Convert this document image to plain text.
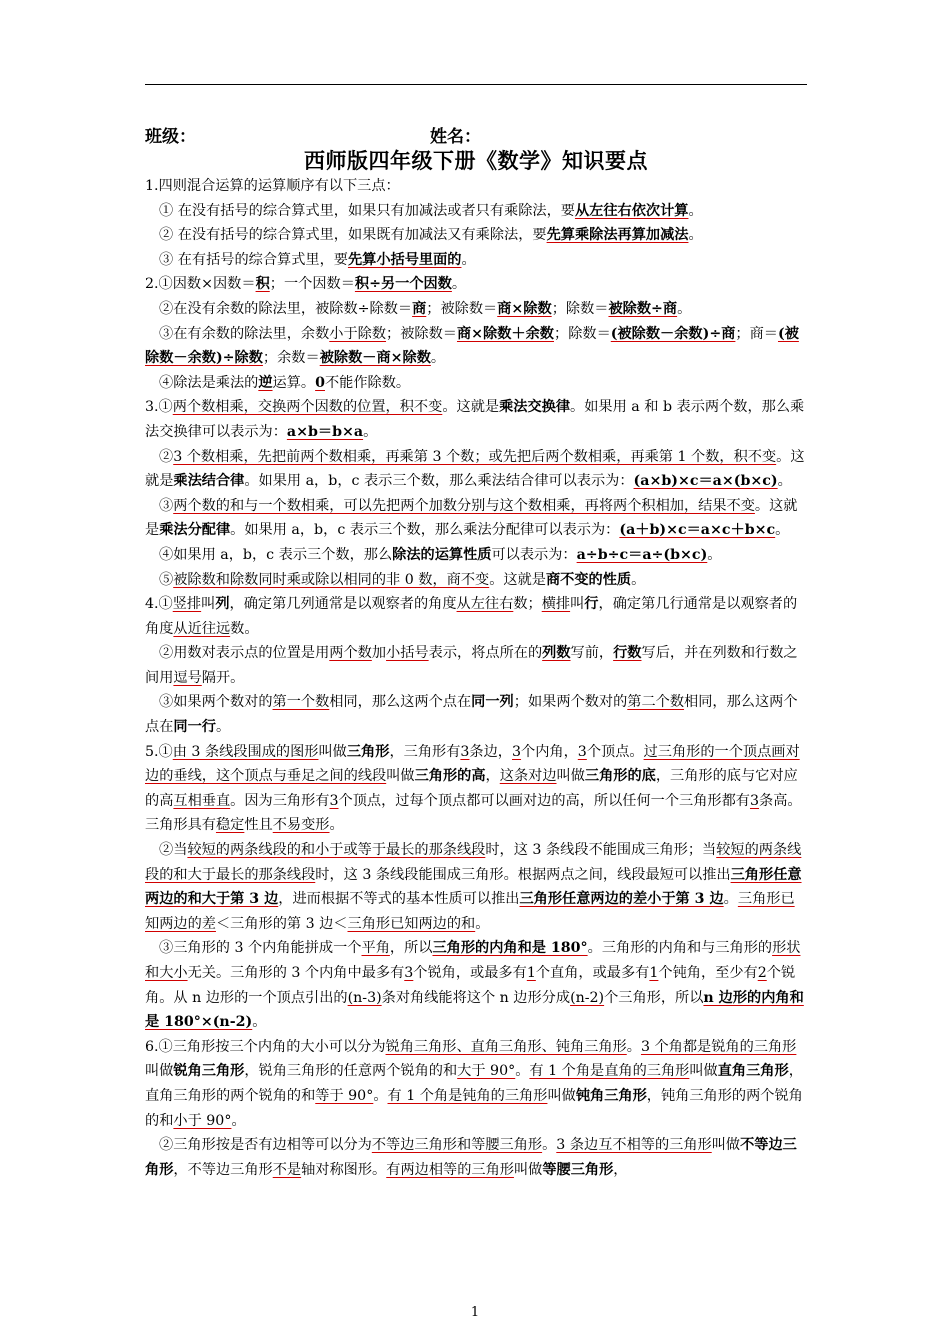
班级：	姓名：
西师版四年级下册《数学》知识要点

1.四则混合运算的运算顺序有以下三点：

① 在没有括号的综合算式里，如果只有加减法或者只有乘除法，要从左往右依次计算。

② 在没有括号的综合算式里，如果既有加减法又有乘除法，要先算乘除法再算加减法。

③ 在有括号的综合算式里，要先算小括号里面的。

2.①因数×因数＝积；一个因数＝积÷另一个因数。

②在没有余数的除法里，被除数÷除数＝商；被除数＝商×除数；除数＝被除数÷商。

③在有余数的除法里，余数小于除数；被除数＝商×除数＋余数；除数＝(被除数－余数)÷商；商＝(被除数－余数)÷除数；余数＝被除数－商×除数。

④除法是乘法的逆运算。0不能作除数。

3.①两个数相乘，交换两个因数的位置，积不变。这就是乘法交换律。如果用 a 和 b 表示两个数，那么乘法交换律可以表示为：a×b＝b×a。

②3 个数相乘，先把前两个数相乘，再乘第 3 个数；或先把后两个数相乘，再乘第 1 个数，积不变。这就是乘法结合律。如果用 a，b，c 表示三个数，那么乘法结合律可以表示为：(a×b)×c＝a×(b×c)。

③两个数的和与一个数相乘，可以先把两个加数分别与这个数相乘，再将两个积相加，结果不变。这就是乘法分配律。如果用 a，b，c 表示三个数，那么乘法分配律可以表示为：(a＋b)×c＝a×c＋b×c。

④如果用 a，b，c 表示三个数，那么除法的运算性质可以表示为：a÷b÷c＝a÷(b×c)。

⑤被除数和除数同时乘或除以相同的非 0 数，商不变。这就是商不变的性质。

4.①竖排叫列，确定第几列通常是以观察者的角度从左往右数；横排叫行，确定第几行通常是以观察者的角度从近往远数。

②用数对表示点的位置是用两个数加小括号表示，将点所在的列数写前，行数写后，并在列数和行数之间用逗号隔开。

③如果两个数对的第一个数相同，那么这两个点在同一列；如果两个数对的第二个数相同，那么这两个点在同一行。

5.①由 3 条线段围成的图形叫做三角形，三角形有3条边，3个内角，3个顶点。过三角形的一个顶点画对边的垂线，这个顶点与垂足之间的线段叫做三角形的高，这条对边叫做三角形的底，三角形的底与它对应的高互相垂直。因为三角形有3个顶点，过每个顶点都可以画对边的高，所以任何一个三角形都有3条高。三角形具有稳定性且不易变形。

②当较短的两条线段的和小于或等于最长的那条线段时，这 3 条线段不能围成三角形；当较短的两条线段的和大于最长的那条线段时，这 3 条线段能围成三角形。根据两点之间，线段最短可以推出三角形任意两边的和大于第 3 边，进而根据不等式的基本性质可以推出三角形任意两边的差小于第 3 边。三角形已知两边的差＜三角形的第 3 边＜三角形已知两边的和。

③三角形的 3 个内角能拼成一个平角，所以三角形的内角和是 180°。三角形的内角和与三角形的形状和大小无关。三角形的 3 个内角中最多有3个锐角，或最多有1个直角，或最多有1个钝角，至少有2个锐角。从 n 边形的一个顶点引出的(n-3)条对角线能将这个 n 边形分成(n-2)个三角形，所以n 边形的内角和是 180°×(n-2)。

6.①三角形按三个内角的大小可以分为锐角三角形、直角三角形、钝角三角形。3 个角都是锐角的三角形叫做锐角三角形，锐角三角形的任意两个锐角的和大于 90°。有 1 个角是直角的三角形叫做直角三角形，直角三角形的两个锐角的和等于 90°。有 1 个角是钝角的三角形叫做钝角三角形，钝角三角形的两个锐角的和小于 90°。

②三角形按是否有边相等可以分为不等边三角形和等腰三角形。3 条边互不相等的三角形叫做不等边三角形，不等边三角形不是轴对称图形。有两边相等的三角形叫做等腰三角形，

1
